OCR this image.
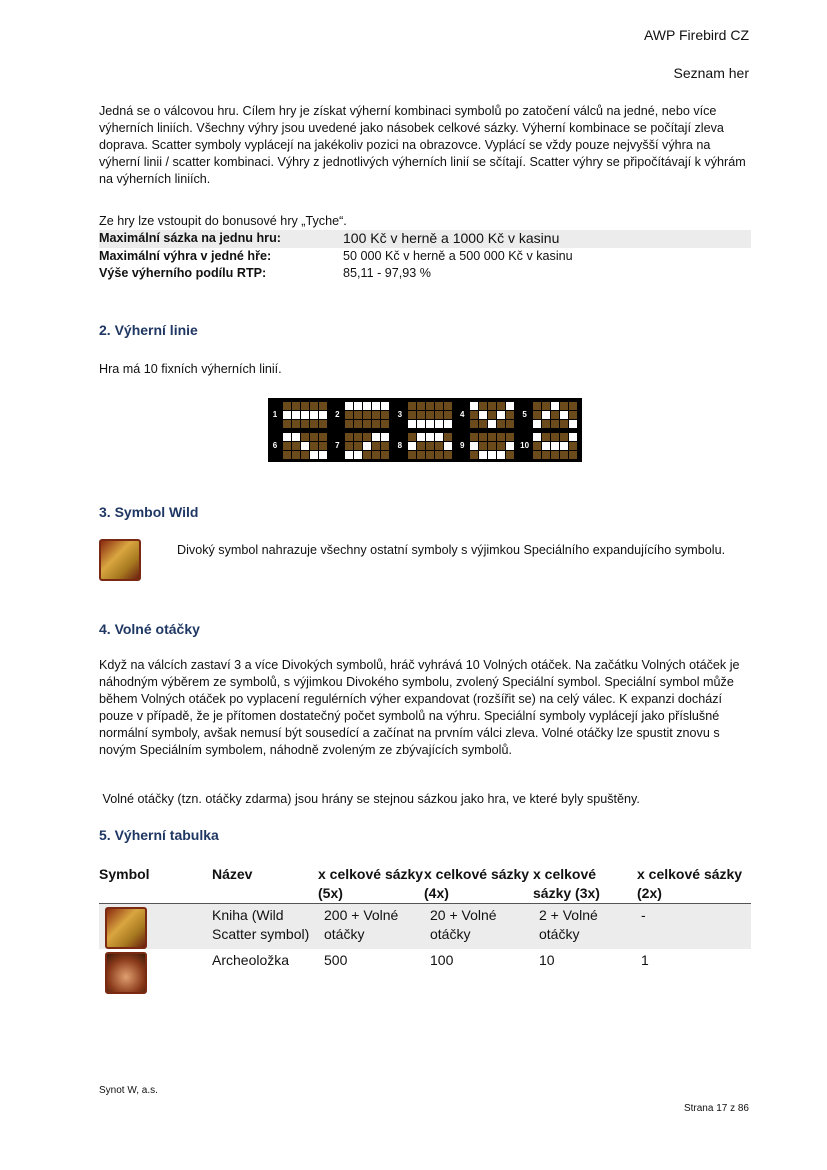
AWP Firebird CZ
Seznam her

Jedná se o válcovou hru. Cílem hry je získat výherní kombinaci symbolů po zatočení válců na jedné, nebo více výherních liniích. Všechny výhry jsou uvedené jako násobek celkové sázky. Výherní kombinace se počítají zleva doprava. Scatter symboly vyplácejí na jakékoliv pozici na obrazovce. Vyplácí se vždy pouze nejvyšší výhra na výherní linii / scatter kombinaci. Výhry z jednotlivých výherních linií se sčítají. Scatter výhry se připočítávají k výhrám na výherních liniích.

Ze hry lze vstoupit do bonusové hry „Tyche“.

Maximální sázka na jednu hru:	100 Kč v herně a 1000 Kč v kasinu
Maximální výhra v jedné hře:	50 000 Kč v herně a 500 000 Kč v kasinu
Výše výherního podílu RTP:	85,11 - 97,93 %
2. Výherní linie

Hra má 10 fixních výherních linií.

1	2	3	4	5
6	7	8	9	10
3. Symbol Wild

Divoký symbol nahrazuje všechny ostatní symboly s výjimkou Speciálního expandujícího symbolu.

4. Volné otáčky

Když na válcích zastaví 3 a více Divokých symbolů, hráč vyhrává 10 Volných otáček. Na začátku Volných otáček je náhodným výběrem ze symbolů, s výjimkou Divokého symbolu, zvolený Speciální symbol. Speciální symbol může během Volných otáček po vyplacení regulérních výher expandovat (rozšířit se) na celý válec. K expanzi dochází pouze v případě, že je přítomen dostatečný počet symbolů na výhru. Speciální symboly vyplácejí jako příslušné normální symboly, avšak nemusí být sousedící a začínat na prvním válci zleva. Volné otáčky lze spustit znovu s novým Speciálním symbolem, náhodně zvoleným ze zbývajících symbolů.

Volné otáčky (tzn. otáčky zdarma) jsou hrány se stejnou sázkou jako hra, ve které byly spuštěny.

5. Výherní tabulka
Symbol	Název	x celkové sázky (5x)	x celkové sázky (4x)	x celkové sázky (3x)	x celkové sázky (2x)

	Kniha (Wild Scatter symbol)	200 + Volné otáčky	20 + Volné otáčky	2 + Volné otáčky	-

	Archeoložka	500	100	10	1
Synot W, a.s.
Strana 17 z 86
